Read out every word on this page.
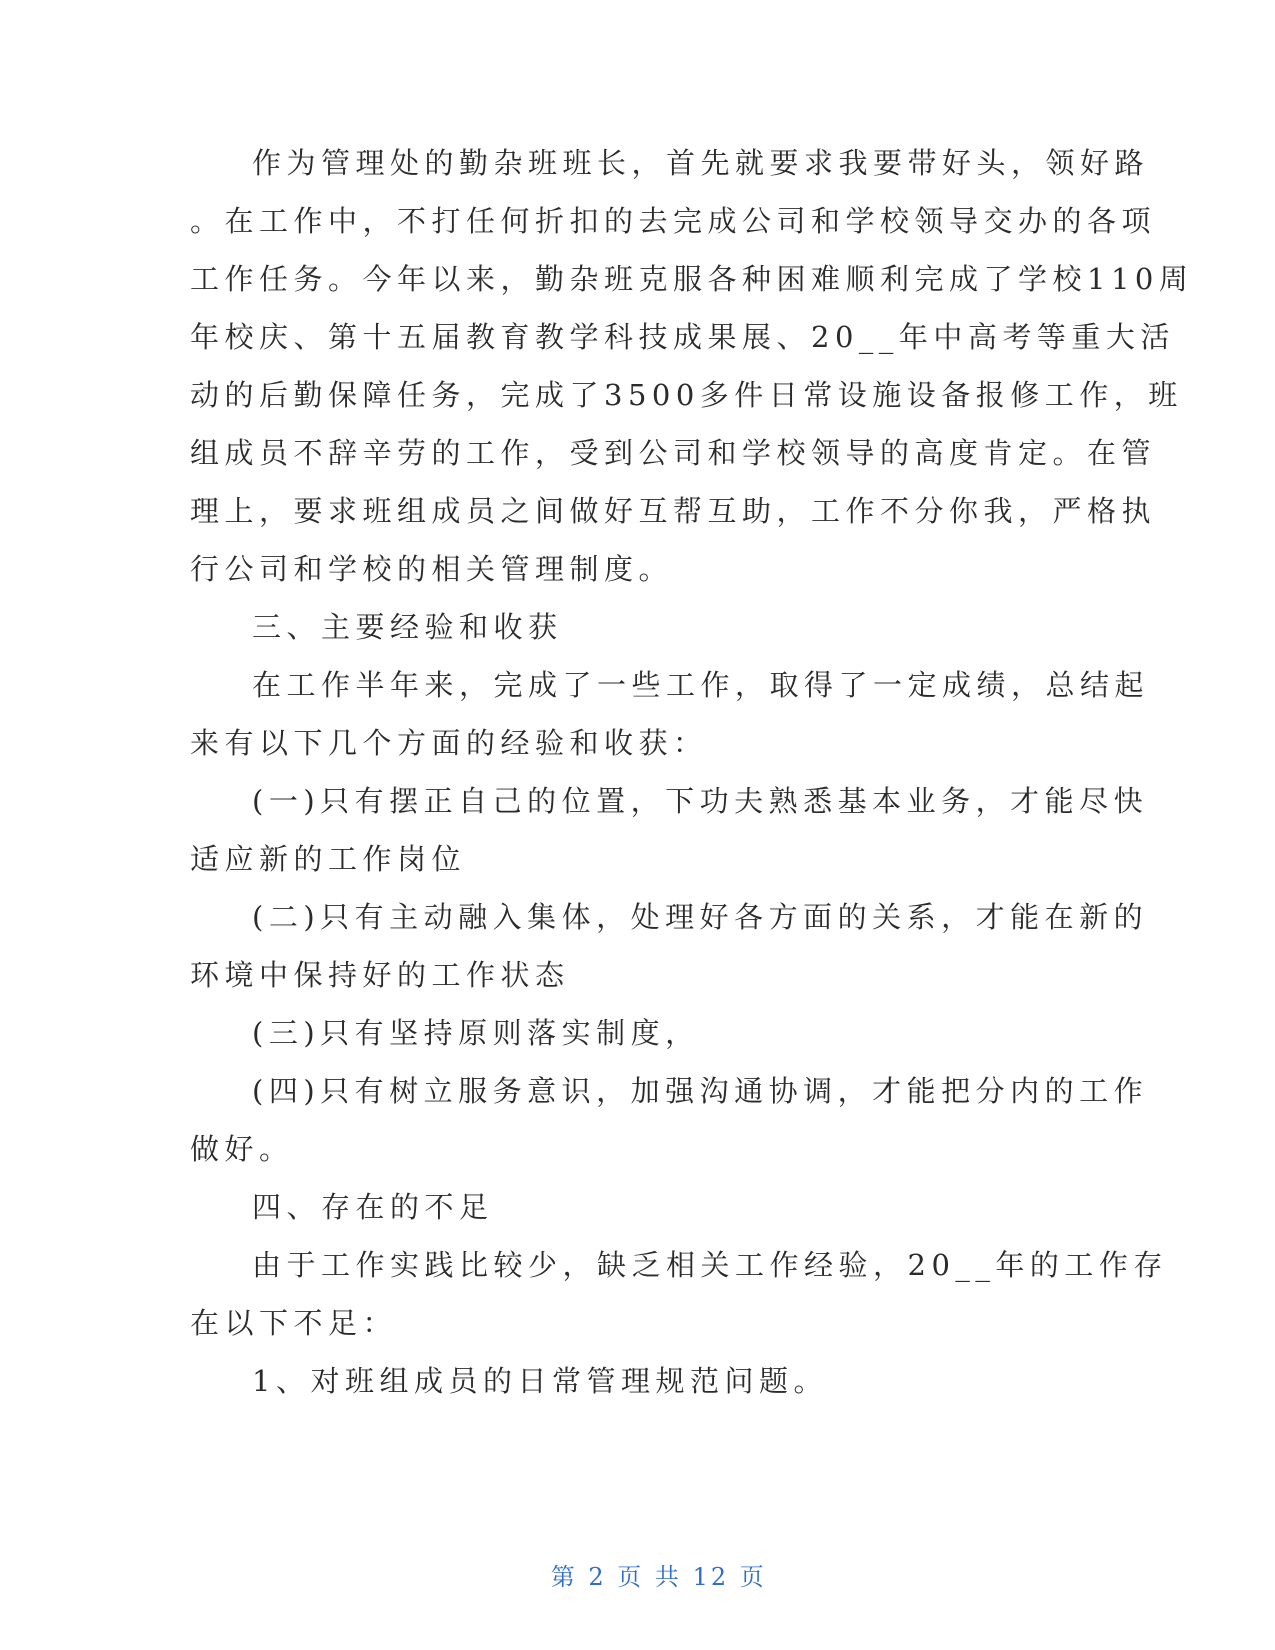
作为管理处的勤杂班班长，首先就要求我要带好头，领好路
。在工作中，不打任何折扣的去完成公司和学校领导交办的各项
工作任务。今年以来，勤杂班克服各种困难顺利完成了学校110周
年校庆、第十五届教育教学科技成果展、20__年中高考等重大活
动的后勤保障任务，完成了3500多件日常设施设备报修工作，班
组成员不辞辛劳的工作，受到公司和学校领导的高度肯定。在管
理上，要求班组成员之间做好互帮互助，工作不分你我，严格执
行公司和学校的相关管理制度。
三、主要经验和收获
在工作半年来，完成了一些工作，取得了一定成绩，总结起
来有以下几个方面的经验和收获：
(一)只有摆正自己的位置，下功夫熟悉基本业务，才能尽快
适应新的工作岗位
(二)只有主动融入集体，处理好各方面的关系，才能在新的
环境中保持好的工作状态
(三)只有坚持原则落实制度，
(四)只有树立服务意识，加强沟通协调，才能把分内的工作
做好。
四、存在的不足
由于工作实践比较少，缺乏相关工作经验，20__年的工作存
在以下不足：
1、对班组成员的日常管理规范问题。

第 2 页 共 12 页
